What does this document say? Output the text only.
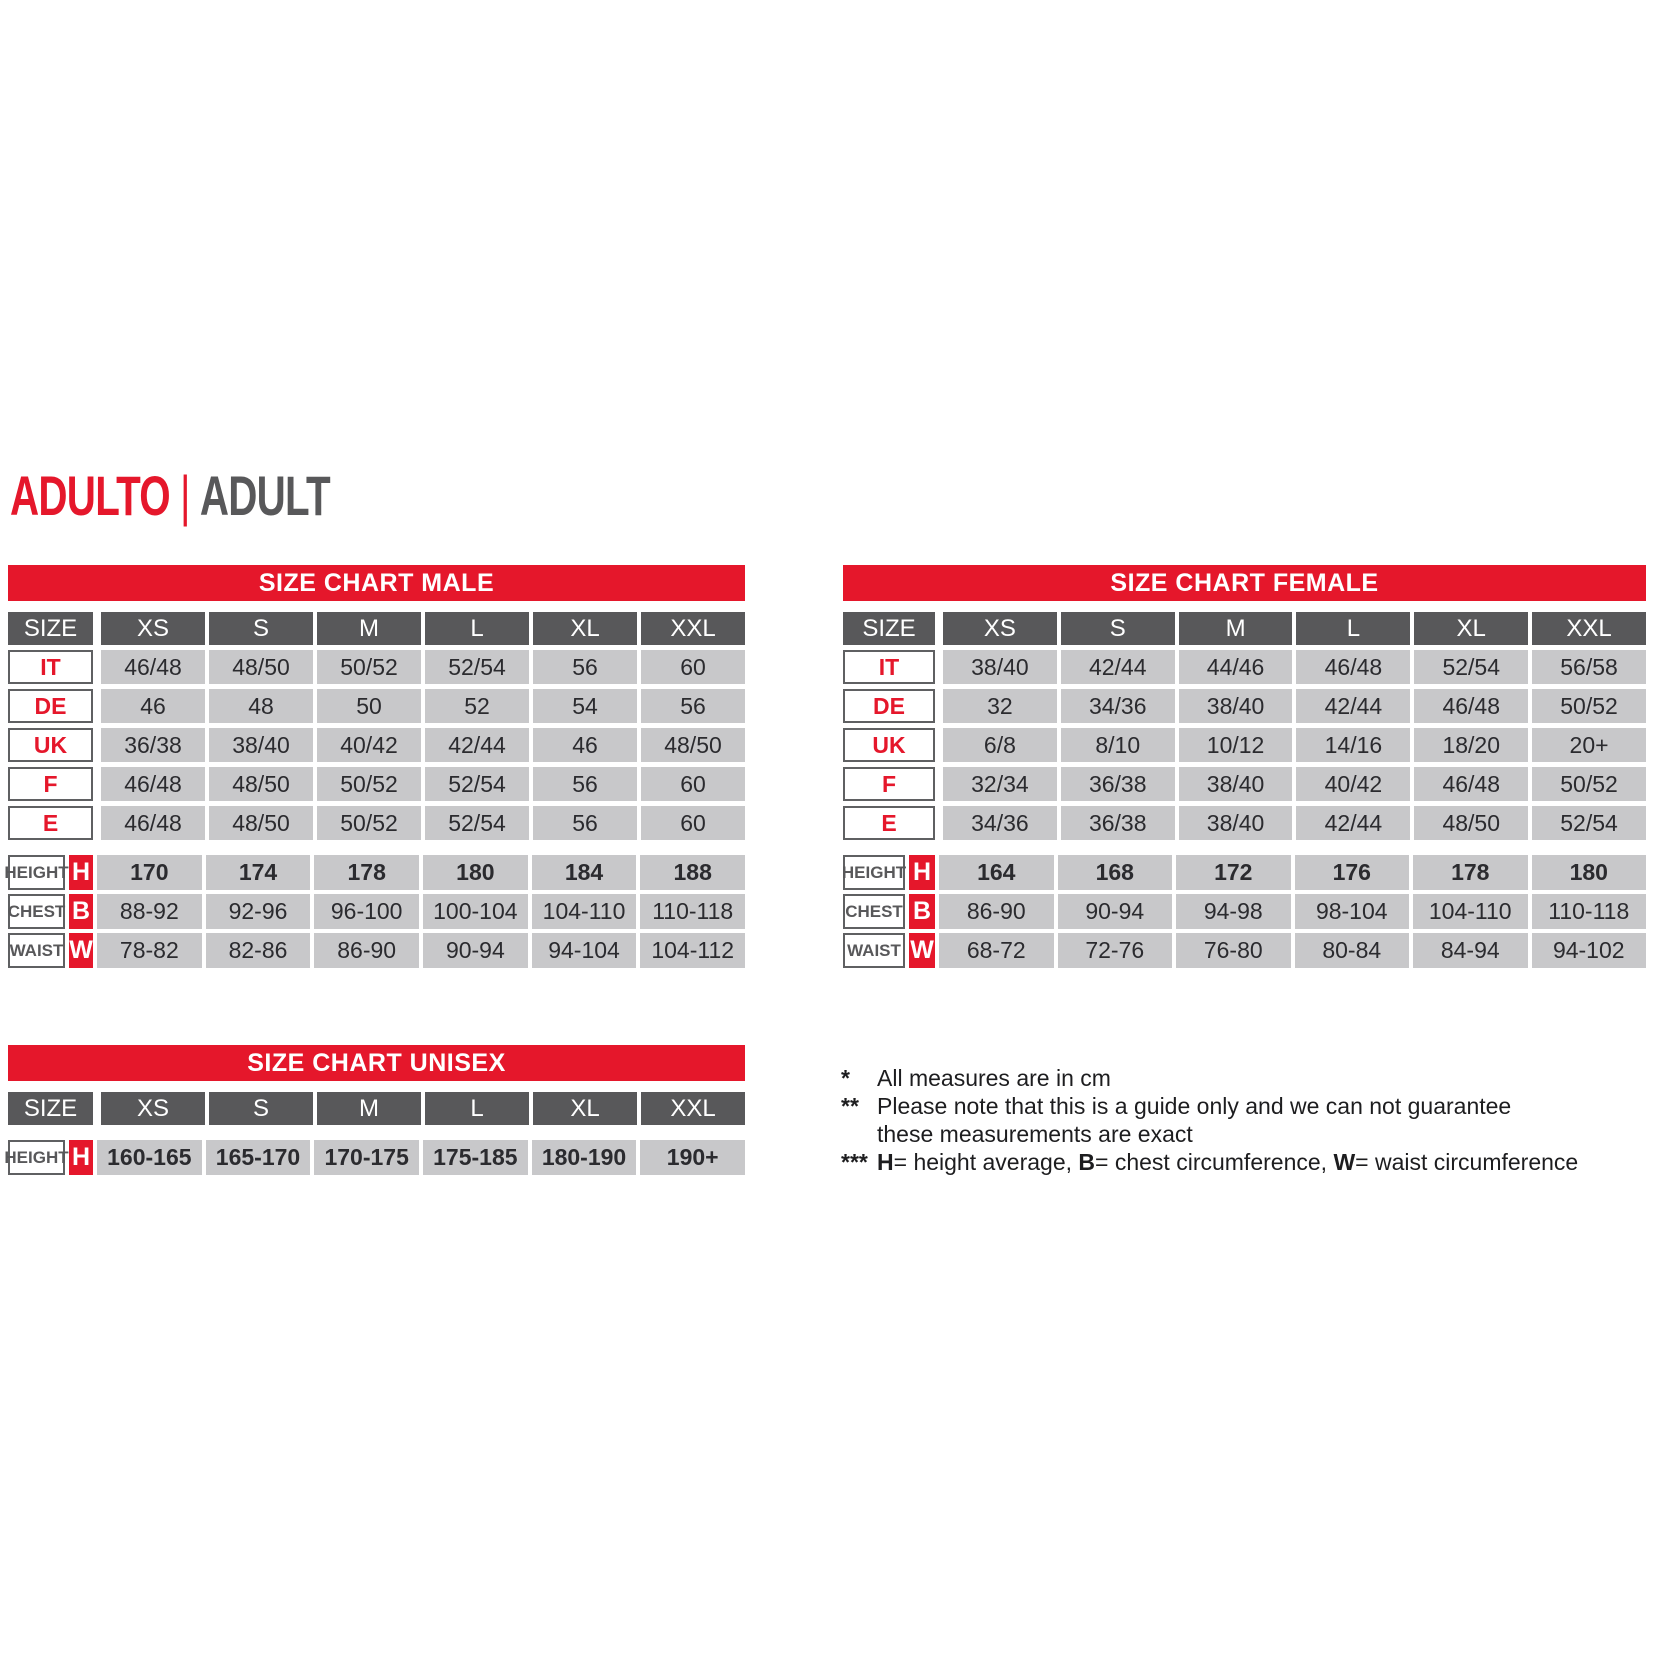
ADULTO | ADULT
SIZE CHART MALE
SIZE	XS	S	M	L	XL	XXL
IT	46/48	48/50	50/52	52/54	56	60
DE	46	48	50	52	54	56
UK	36/38	38/40	40/42	42/44	46	48/50
F	46/48	48/50	50/52	52/54	56	60
E	46/48	48/50	50/52	52/54	56	60
HEIGHT H	170	174	178	180	184	188
CHEST B	88-92	92-96	96-100	100-104	104-110	110-118
WAIST W	78-82	82-86	86-90	90-94	94-104	104-112
SIZE CHART FEMALE
SIZE	XS	S	M	L	XL	XXL
IT	38/40	42/44	44/46	46/48	52/54	56/58
DE	32	34/36	38/40	42/44	46/48	50/52
UK	6/8	8/10	10/12	14/16	18/20	20+
F	32/34	36/38	38/40	40/42	46/48	50/52
E	34/36	36/38	38/40	42/44	48/50	52/54
HEIGHT H	164	168	172	176	178	180
CHEST B	86-90	90-94	94-98	98-104	104-110	110-118
WAIST W	68-72	72-76	76-80	80-84	84-94	94-102
SIZE CHART UNISEX
SIZE	XS	S	M	L	XL	XXL
HEIGHT H 160-165	165-170	170-175	175-185	180-190	190+
*	All measures are in cm
** Please note that this is a guide only and we can not guarantee
these measurements are exact
*** H= height average, B= chest circumference, W= waist circumference
